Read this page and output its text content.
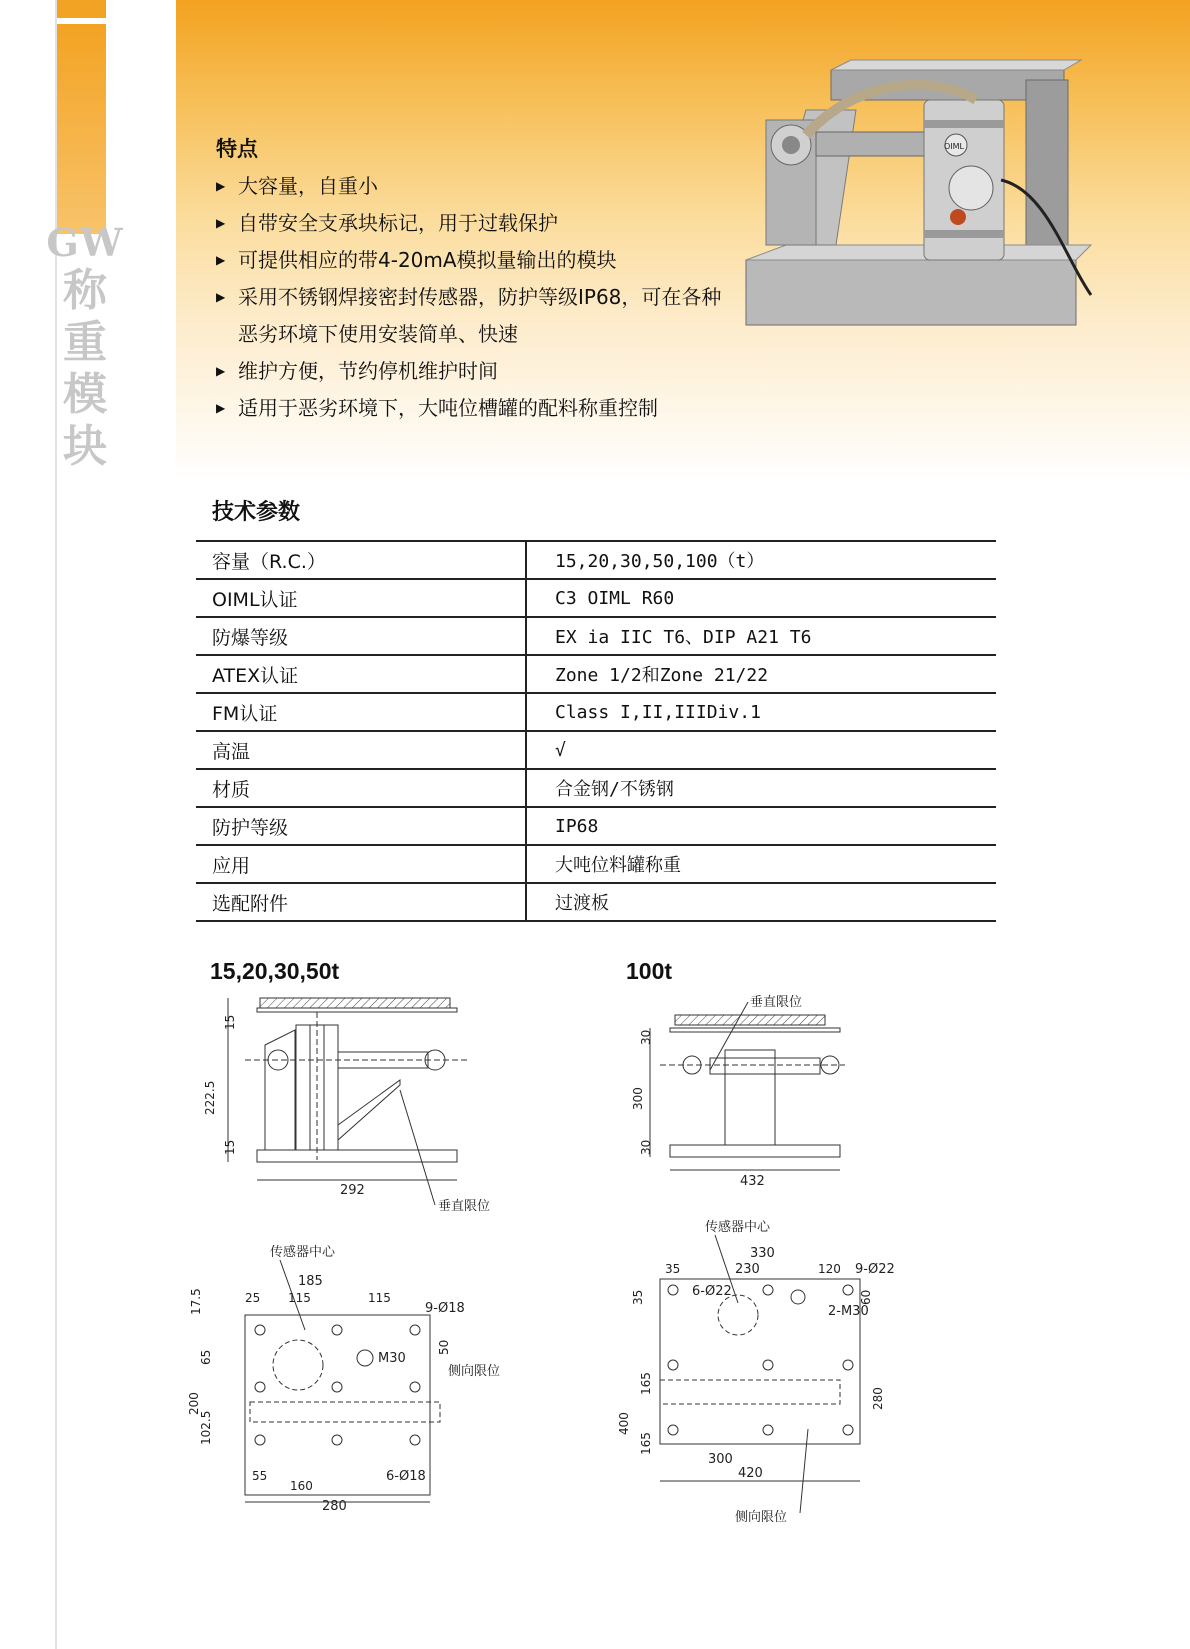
GW
称
重
模
块
特点
▶ 大容量，自重小
▶ 自带安全支承块标记，用于过载保护
▶ 可提供相应的带4-20mA模拟量输出的模块
▶ 采用不锈钢焊接密封传感器，防护等级IP68，可在各种恶劣环境下使用安装简单、快速
▶ 维护方便，节约停机维护时间
▶ 适用于恶劣环境下，大吨位槽罐的配料称重控制
OIML
技术参数
容量（R.C.）	15,20,30,50,100（t）
OIML认证	C3 OIML R60
防爆等级	EX ia IIC T6、DIP A21 T6
ATEX认证	Zone 1/2和Zone 21/22
FM认证	Class I,II,IIIDiv.1
高温	√
材质	合金钢/不锈钢
防护等级	IP68
应用	大吨位料罐称重
选配附件	过渡板
15,20,30,50t	100t
15
222.5
15
292
垂直限位
传感器中心
185
25 115	115
9-Ø18
17.5
65
50
M30
侧向限位
200
102.5
55
160
6-Ø18
280
垂直限位
30
300
30
432
传感器中心
330
35	230	120 9-Ø22
35	6-Ø22	60
2-M30
165
400
280
165
300
420
侧向限位
